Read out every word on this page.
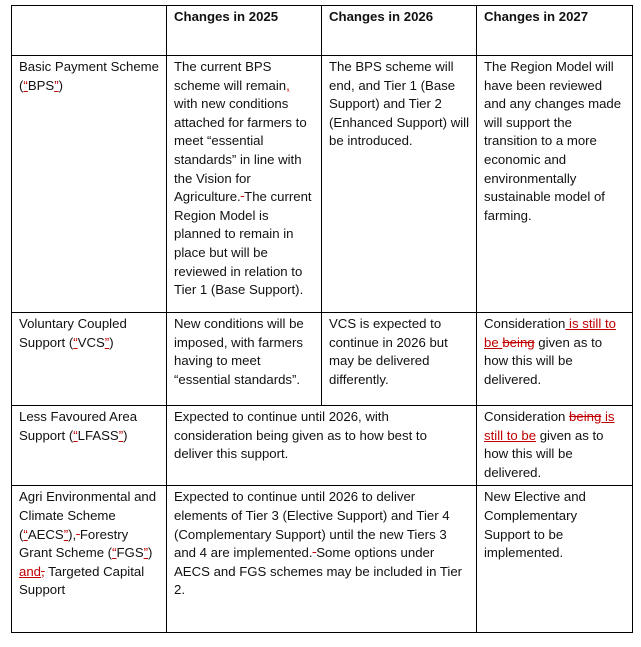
	Changes in 2025	Changes in 2026	Changes in 2027
Basic Payment Scheme (“BPS”)	The current BPS scheme will remain, with new conditions attached for farmers to meet “essential standards” in line with the Vision for Agriculture. The current Region Model is planned to remain in place but will be reviewed in relation to Tier 1 (Base Support).	The BPS scheme will end, and Tier 1 (Base Support) and Tier 2 (Enhanced Support) will be introduced.	The Region Model will have been reviewed and any changes made will support the transition to a more economic and environmentally sustainable model of farming.
Voluntary Coupled Support (“VCS”)	New conditions will be imposed, with farmers having to meet “essential standards”.	VCS is expected to continue in 2026 but may be delivered differently.	Consideration is still to be being given as to how this will be delivered.
Less Favoured Area Support (“LFASS”)	Expected to continue until 2026, with consideration being given as to how best to deliver this support.		Consideration being is still to be given as to how this will be delivered.
Agri Environmental and Climate Scheme (“AECS”), Forestry Grant Scheme (“FGS”) and, Targeted Capital Support	Expected to continue until 2026 to deliver elements of Tier 3 (Elective Support) and Tier 4 (Complementary Support) until the new Tiers 3 and 4 are implemented. Some options under AECS and FGS schemes may be included in Tier 2.		New Elective and Complementary Support to be implemented.
